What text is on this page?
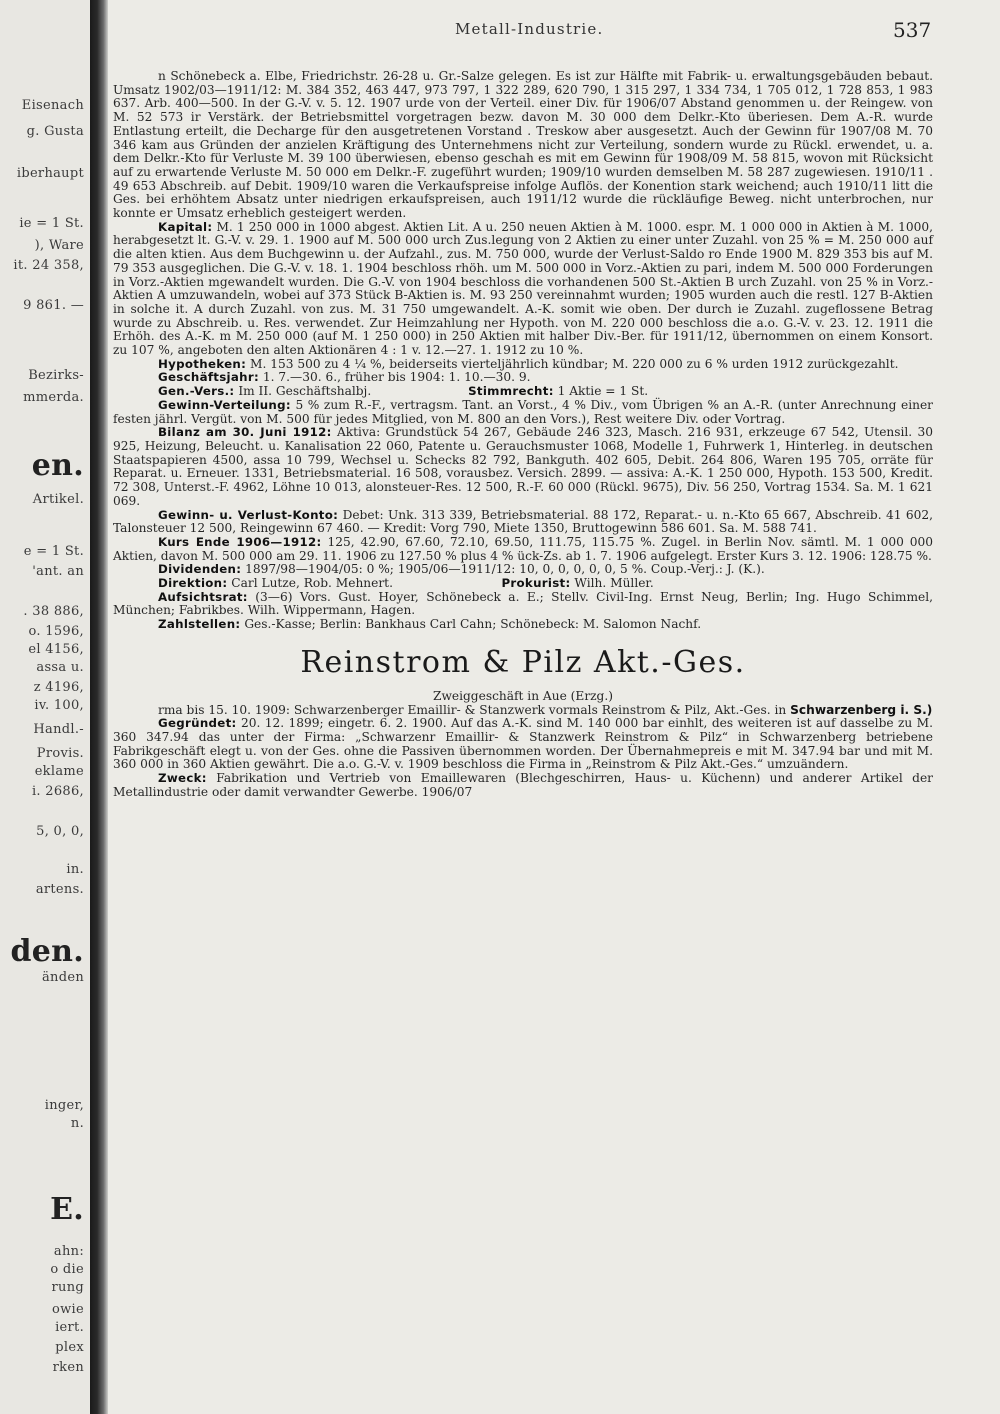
Eisenach
g. Gusta
iberhaupt
ie = 1 St.
), Ware
it. 24 358,
9 861. —
Bezirks-
mmerda.
en.
Artikel.
e = 1 St.
'ant. an
. 38 886,
o. 1596,
el 4156,
assa u.
z 4196,
iv. 100,
Handl.-
Provis.
eklame
i. 2686,
5, 0, 0,
in.
artens.
den.
änden
inger,
n.
E.
ahn:
o die
rung
owie
iert.
plex
rken
Metall-Industrie.	537

n Schönebeck a. Elbe, Friedrichstr. 26-28 u. Gr.-Salze gelegen. Es ist zur Hälfte mit Fabrik- u. erwaltungsgebäuden bebaut. Umsatz 1902/03—1911/12: M. 384 352, 463 447, 973 797, 1 322 289, 620 790, 1 315 297, 1 334 734, 1 705 012, 1 728 853, 1 983 637. Arb. 400—500. In der G.-V. v. 5. 12. 1907 urde von der Verteil. einer Div. für 1906/07 Abstand genommen u. der Reingew. von M. 52 573 ir Verstärk. der Betriebsmittel vorgetragen bezw. davon M. 30 000 dem Delkr.-Kto überiesen. Dem A.-R. wurde Entlastung erteilt, die Decharge für den ausgetretenen Vorstand . Treskow aber ausgesetzt. Auch der Gewinn für 1907/08 M. 70 346 kam aus Gründen der anzielen Kräftigung des Unternehmens nicht zur Verteilung, sondern wurde zu Rückl. erwendet, u. a. dem Delkr.-Kto für Verluste M. 39 100 überwiesen, ebenso geschah es mit em Gewinn für 1908/09 M. 58 815, wovon mit Rücksicht auf zu erwartende Verluste M. 50 000 em Delkr.-F. zugeführt wurden; 1909/10 wurden demselben M. 58 287 zugewiesen. 1910/11 . 49 653 Abschreib. auf Debit. 1909/10 waren die Verkaufspreise infolge Auflös. der Konention stark weichend; auch 1910/11 litt die Ges. bei erhöhtem Absatz unter niedrigen erkaufspreisen, auch 1911/12 wurde die rückläufige Beweg. nicht unterbrochen, nur konnte er Umsatz erheblich gesteigert werden.

Kapital: M. 1 250 000 in 1000 abgest. Aktien Lit. A u. 250 neuen Aktien à M. 1000. espr. M. 1 000 000 in Aktien à M. 1000, herabgesetzt lt. G.-V. v. 29. 1. 1900 auf M. 500 000 urch Zus.legung von 2 Aktien zu einer unter Zuzahl. von 25 % = M. 250 000 auf die alten ktien. Aus dem Buchgewinn u. der Aufzahl., zus. M. 750 000, wurde der Verlust-Saldo ro Ende 1900 M. 829 353 bis auf M. 79 353 ausgeglichen. Die G.-V. v. 18. 1. 1904 beschloss rhöh. um M. 500 000 in Vorz.-Aktien zu pari, indem M. 500 000 Forderungen in Vorz.-Aktien mgewandelt wurden. Die G.-V. von 1904 beschloss die vorhandenen 500 St.-Aktien B urch Zuzahl. von 25 % in Vorz.-Aktien A umzuwandeln, wobei auf 373 Stück B-Aktien is. M. 93 250 vereinnahmt wurden; 1905 wurden auch die restl. 127 B-Aktien in solche it. A durch Zuzahl. von zus. M. 31 750 umgewandelt. A.-K. somit wie oben. Der durch ie Zuzahl. zugeflossene Betrag wurde zu Abschreib. u. Res. verwendet. Zur Heimzahlung ner Hypoth. von M. 220 000 beschloss die a.o. G.-V. v. 23. 12. 1911 die Erhöh. des A.-K. m M. 250 000 (auf M. 1 250 000) in 250 Aktien mit halber Div.-Ber. für 1911/12, übernommen on einem Konsort. zu 107 %, angeboten den alten Aktionären 4 : 1 v. 12.—27. 1. 1912 zu 10 %.

Hypotheken: M. 153 500 zu 4 ¼ %, beiderseits vierteljährlich kündbar; M. 220 000 zu 6 % urden 1912 zurückgezahlt.

Geschäftsjahr: 1. 7.—30. 6., früher bis 1904: 1. 10.—30. 9.

Gen.-Vers.: Im II. Geschäftshalbj.	Stimmrecht: 1 Aktie = 1 St.

Gewinn-Verteilung: 5 % zum R.-F., vertragsm. Tant. an Vorst., 4 % Div., vom Übrigen % an A.-R. (unter Anrechnung einer festen jährl. Vergüt. von M. 500 für jedes Mitglied, von M. 800 an den Vors.), Rest weitere Div. oder Vortrag.

Bilanz am 30. Juni 1912: Aktiva: Grundstück 54 267, Gebäude 246 323, Masch. 216 931, erkzeuge 67 542, Utensil. 30 925, Heizung, Beleucht. u. Kanalisation 22 060, Patente u. Gerauchsmuster 1068, Modelle 1, Fuhrwerk 1, Hinterleg. in deutschen Staatspapieren 4500, assa 10 799, Wechsel u. Schecks 82 792, Bankguth. 402 605, Debit. 264 806, Waren 195 705, orräte für Reparat. u. Erneuer. 1331, Betriebsmaterial. 16 508, vorausbez. Versich. 2899. — assiva: A.-K. 1 250 000, Hypoth. 153 500, Kredit. 72 308, Unterst.-F. 4962, Löhne 10 013, alonsteuer-Res. 12 500, R.-F. 60 000 (Rückl. 9675), Div. 56 250, Vortrag 1534. Sa. M. 1 621 069.

Gewinn- u. Verlust-Konto: Debet: Unk. 313 339, Betriebsmaterial. 88 172, Reparat.- u. n.-Kto 65 667, Abschreib. 41 602, Talonsteuer 12 500, Reingewinn 67 460. — Kredit: Vorg 790, Miete 1350, Bruttogewinn 586 601. Sa. M. 588 741.

Kurs Ende 1906—1912: 125, 42.90, 67.60, 72.10, 69.50, 111.75, 115.75 %. Zugel. in Berlin Nov. sämtl. M. 1 000 000 Aktien, davon M. 500 000 am 29. 11. 1906 zu 127.50 % plus 4 % ück-Zs. ab 1. 7. 1906 aufgelegt. Erster Kurs 3. 12. 1906: 128.75 %.

Dividenden: 1897/98—1904/05: 0 %; 1905/06—1911/12: 10, 0, 0, 0, 0, 0, 5 %. Coup.-Verj.: J. (K.).

Direktion: Carl Lutze, Rob. Mehnert.	Prokurist: Wilh. Müller.

Aufsichtsrat: (3—6) Vors. Gust. Hoyer, Schönebeck a. E.; Stellv. Civil-Ing. Ernst Neug, Berlin; Ing. Hugo Schimmel, München; Fabrikbes. Wilh. Wippermann, Hagen.

Zahlstellen: Ges.-Kasse; Berlin: Bankhaus Carl Cahn; Schönebeck: M. Salomon Nachf.

Reinstrom & Pilz Akt.-Ges.

Zweiggeschäft in Aue (Erzg.)

rma bis 15. 10. 1909: Schwarzenberger Emaillir- & Stanzwerk vormals Reinstrom & Pilz, Akt.-Ges. in Schwarzenberg i. S.)

Gegründet: 20. 12. 1899; eingetr. 6. 2. 1900. Auf das A.-K. sind M. 140 000 bar einhlt, des weiteren ist auf dasselbe zu M. 360 347.94 das unter der Firma: „Schwarzenr Emaillir- & Stanzwerk Reinstrom & Pilz“ in Schwarzenberg betriebene Fabrikgeschäft elegt u. von der Ges. ohne die Passiven übernommen worden. Der Übernahmepreis e mit M. 347.94 bar und mit M. 360 000 in 360 Aktien gewährt. Die a.o. G.-V. v. 1909 beschloss die Firma in „Reinstrom & Pilz Akt.-Ges.“ umzuändern.

Zweck: Fabrikation und Vertrieb von Emaillewaren (Blechgeschirren, Haus- u. Küchenn) und anderer Artikel der Metallindustrie oder damit verwandter Gewerbe. 1906/07
